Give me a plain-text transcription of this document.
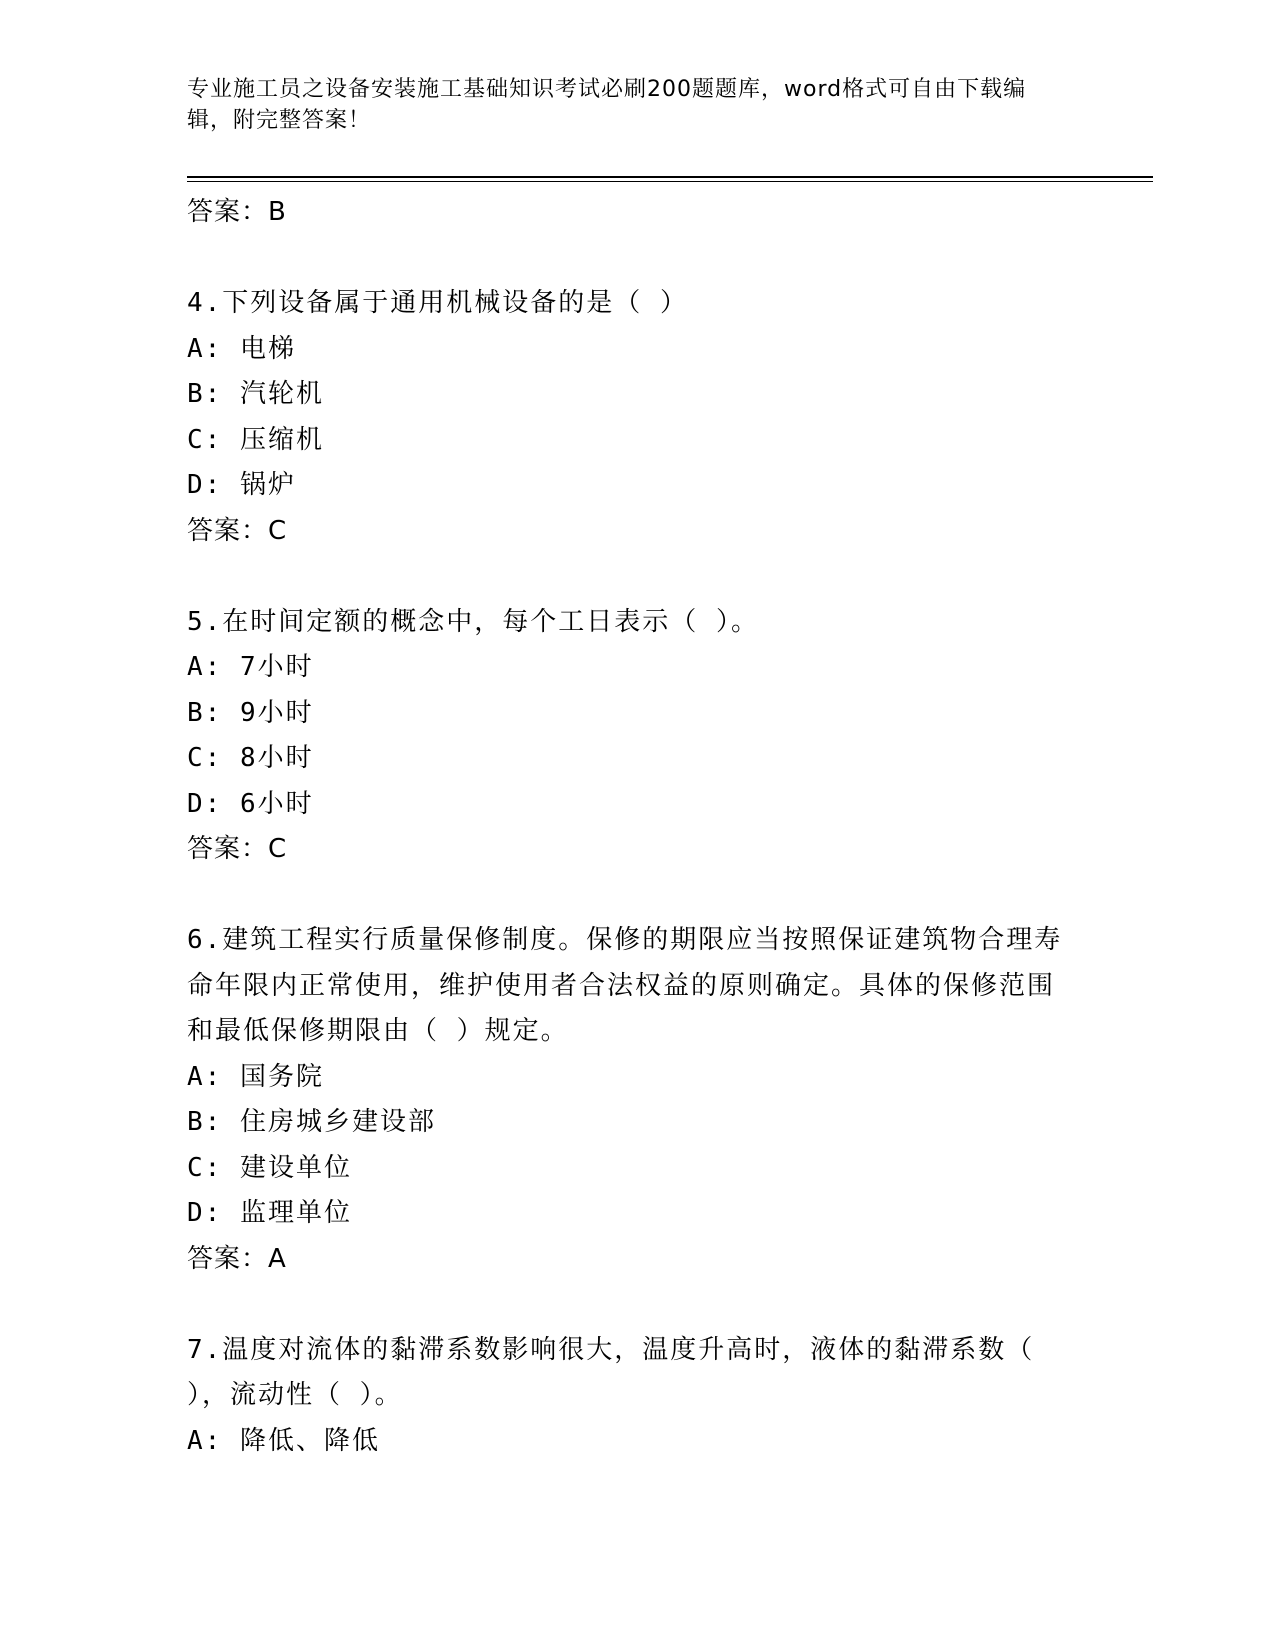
专业施工员之设备安装施工基础知识考试必刷200题题库，word格式可自由下载编辑，附完整答案！
答案：B
4.下列设备属于通用机械设备的是（ ）
A: 电梯
B: 汽轮机
C: 压缩机
D: 锅炉
答案：C
5.在时间定额的概念中，每个工日表示（ ）。
A: 7小时
B: 9小时
C: 8小时
D: 6小时
答案：C
6.建筑工程实行质量保修制度。保修的期限应当按照保证建筑物合理寿命年限内正常使用，维护使用者合法权益的原则确定。具体的保修范围和最低保修期限由（ ）规定。
A: 国务院
B: 住房城乡建设部
C: 建设单位
D: 监理单位
答案：A
7.温度对流体的黏滞系数影响很大，温度升高时，液体的黏滞系数（ ），流动性（ ）。
A: 降低、降低
